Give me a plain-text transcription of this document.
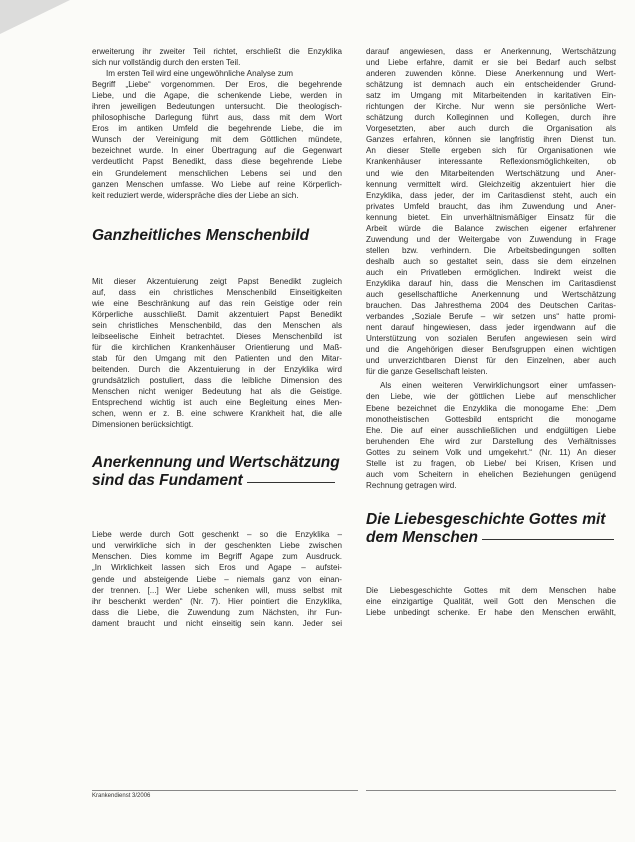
erweiterung ihr zweiter Teil richtet, erschließt die Enzyklika
sich nur vollständig durch den ersten Teil.

Im ersten Teil wird eine ungewöhnliche Analyse zum
Begriff „Liebe“ vorgenommen. Der Eros, die begehrende
Liebe, und die Agape, die schenkende Liebe, werden in
ihren jeweiligen Bedeutungen untersucht. Die theologisch-
philosophische Darlegung führt aus, dass mit dem Wort
Eros im antiken Umfeld die begehrende Liebe, die im
Wunsch der Vereinigung mit dem Göttlichen mündete,
bezeichnet wurde. In einer Übertragung auf die Gegenwart
verdeutlicht Papst Benedikt, dass diese begehrende Liebe
ein Grundelement menschlichen Lebens sei und den
ganzen Menschen umfasse. Wo Liebe auf reine Körperlich-
keit reduziert werde, widerspräche dies der Liebe an sich.

Ganzheitliches Menschenbild

Mit dieser Akzentuierung zeigt Papst Benedikt zugleich
auf, dass ein christliches Menschenbild Einseitigkeiten
wie eine Beschränkung auf das rein Geistige oder rein
Körperliche ausschließt. Damit akzentuiert Papst Benedikt
sein christliches Menschenbild, das den Menschen als
leibseelische Einheit betrachtet. Dieses Menschenbild ist
für die kirchlichen Krankenhäuser Orientierung und Maß-
stab für den Umgang mit den Patienten und den Mitar-
beitenden. Durch die Akzentuierung in der Enzyklika wird
grundsätzlich postuliert, dass die leibliche Dimension des
Menschen nicht weniger Bedeutung hat als die Geistige.
Entsprechend wichtig ist auch eine Begleitung eines Men-
schen, wenn er z. B. eine schwere Krankheit hat, die alle
Dimensionen berücksichtigt.

Anerkennung und Wertschätzung
sind das Fundament

Liebe werde durch Gott geschenkt – so die Enzyklika –
und verwirkliche sich in der geschenkten Liebe zwischen
Menschen. Dies komme im Begriff Agape zum Ausdruck.
„In Wirklichkeit lassen sich Eros und Agape – aufstei-
gende und absteigende Liebe – niemals ganz von einan-
der trennen. [...] Wer Liebe schenken will, muss selbst mit
ihr beschenkt werden“ (Nr. 7). Hier pointiert die Enzyklika,
dass die Liebe, die Zuwendung zum Nächsten, ihr Fun-
dament braucht und nicht einseitig sein kann. Jeder sei

darauf angewiesen, dass er Anerkennung, Wertschätzung
und Liebe erfahre, damit er sie bei Bedarf auch selbst
anderen zuwenden könne. Diese Anerkennung und Wert-
schätzung ist demnach auch ein entscheidender Grund-
satz im Umgang mit Mitarbeitenden in karitativen Ein-
richtungen der Kirche. Nur wenn sie persönliche Wert-
schätzung durch Kolleginnen und Kollegen, durch ihre
Vorgesetzten, aber auch durch die Organisation als
Ganzes erfahren, können sie langfristig ihren Dienst tun.
An dieser Stelle ergeben sich für Organisationen wie
Krankenhäuser interessante Reflexionsmöglichkeiten, ob
und wie den Mitarbeitenden Wertschätzung und Aner-
kennung vermittelt wird. Gleichzeitig akzentuiert hier die
Enzyklika, dass jeder, der im Caritasdienst steht, auch ein
privates Umfeld braucht, das ihm Zuwendung und Aner-
kennung bietet. Ein unverhältnismäßiger Einsatz für die
Arbeit würde die Balance zwischen eigener erfahrener
Zuwendung und der Weitergabe von Zuwendung in Frage
stellen bzw. verhindern. Die Arbeitsbedingungen sollten
deshalb auch so gestaltet sein, dass sie dem einzelnen
auch ein Privatleben ermöglichen. Indirekt weist die
Enzyklika darauf hin, dass die Menschen im Caritasdienst
auch gesellschaftliche Anerkennung und Wertschätzung
brauchen. Das Jahresthema 2004 des Deutschen Caritas-
verbandes „Soziale Berufe – wir setzen uns“ hatte promi-
nent darauf hingewiesen, dass jeder irgendwann auf die
Unterstützung von sozialen Berufen angewiesen sein wird
und die Angehörigen dieser Berufsgruppen einen wichtigen
und unverzichtbaren Dienst für den Einzelnen, aber auch
für die ganze Gesellschaft leisten.

Als einen weiteren Verwirklichungsort einer umfassen-
den Liebe, wie der göttlichen Liebe auf menschlicher
Ebene bezeichnet die Enzyklika die monogame Ehe: „Dem
monotheistischen Gottesbild entspricht die monogame
Ehe. Die auf einer ausschließlichen und endgültigen Liebe
beruhenden Ehe wird zur Darstellung des Verhältnisses
Gottes zu seinem Volk und umgekehrt.“ (Nr. 11) An dieser
Stelle ist zu fragen, ob Liebe/ bei Krisen, Krisen und
auch vom Scheitern in ehelichen Beziehungen genügend
Rechnung getragen wird.

Die Liebesgeschichte Gottes mit
dem Menschen

Die Liebesgeschichte Gottes mit dem Menschen habe
eine einzigartige Qualität, weil Gott den Menschen die
Liebe unbedingt schenke. Er habe den Menschen erwählt,

Krankendienst 3/2006
